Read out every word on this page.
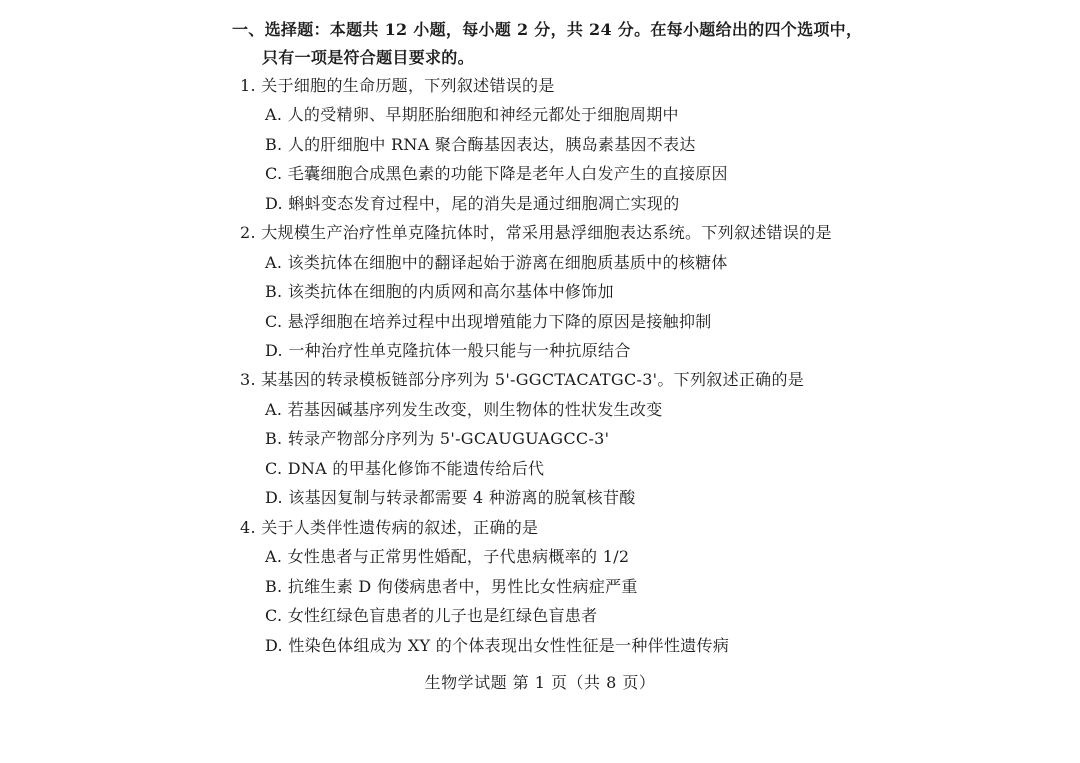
一、选择题：本题共 12 小题，每小题 2 分，共 24 分。在每小题给出的四个选项中，
只有一项是符合题目要求的。
1. 关于细胞的生命历题，下列叙述错误的是
A. 人的受精卵、早期胚胎细胞和神经元都处于细胞周期中
B. 人的肝细胞中 RNA 聚合酶基因表达，胰岛素基因不表达
C. 毛囊细胞合成黑色素的功能下降是老年人白发产生的直接原因
D. 蝌蚪变态发育过程中，尾的消失是通过细胞凋亡实现的
2. 大规模生产治疗性单克隆抗体时，常采用悬浮细胞表达系统。下列叙述错误的是
A. 该类抗体在细胞中的翻译起始于游离在细胞质基质中的核糖体
B. 该类抗体在细胞的内质网和高尔基体中修饰加
C. 悬浮细胞在培养过程中出现增殖能力下降的原因是接触抑制
D. 一种治疗性单克隆抗体一般只能与一种抗原结合
3. 某基因的转录模板链部分序列为 5'-GGCTACATGC-3'。下列叙述正确的是
A. 若基因碱基序列发生改变，则生物体的性状发生改变
B. 转录产物部分序列为 5'-GCAUGUAGCC-3'
C. DNA 的甲基化修饰不能遗传给后代
D. 该基因复制与转录都需要 4 种游离的脱氧核苷酸
4. 关于人类伴性遗传病的叙述，正确的是
A. 女性患者与正常男性婚配，子代患病概率的 1/2
B. 抗维生素 D 佝偻病患者中，男性比女性病症严重
C. 女性红绿色盲患者的儿子也是红绿色盲患者
D. 性染色体组成为 XY 的个体表现出女性性征是一种伴性遗传病
生物学试题 第 1 页（共 8 页）
